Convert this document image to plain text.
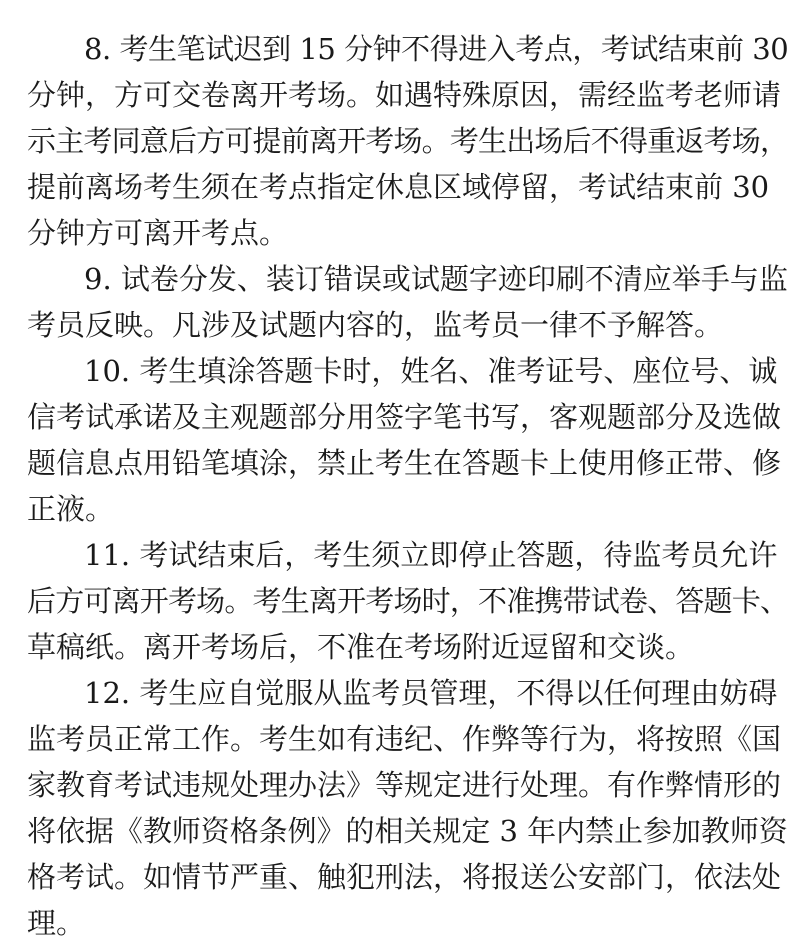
8. 考生笔试迟到 15 分钟不得进入考点，考试结束前 30
分钟，方可交卷离开考场。如遇特殊原因，需经监考老师请
示主考同意后方可提前离开考场。考生出场后不得重返考场，
提前离场考生须在考点指定休息区域停留，考试结束前 30
分钟方可离开考点。
9. 试卷分发、装订错误或试题字迹印刷不清应举手与监
考员反映。凡涉及试题内容的，监考员一律不予解答。
10. 考生填涂答题卡时，姓名、准考证号、座位号、诚
信考试承诺及主观题部分用签字笔书写，客观题部分及选做
题信息点用铅笔填涂，禁止考生在答题卡上使用修正带、修
正液。
11. 考试结束后，考生须立即停止答题，待监考员允许
后方可离开考场。考生离开考场时，不准携带试卷、答题卡、
草稿纸。离开考场后，不准在考场附近逗留和交谈。
12. 考生应自觉服从监考员管理，不得以任何理由妨碍
监考员正常工作。考生如有违纪、作弊等行为，将按照《国
家教育考试违规处理办法》等规定进行处理。有作弊情形的
将依据《教师资格条例》的相关规定 3 年内禁止参加教师资
格考试。如情节严重、触犯刑法，将报送公安部门，依法处
理。
